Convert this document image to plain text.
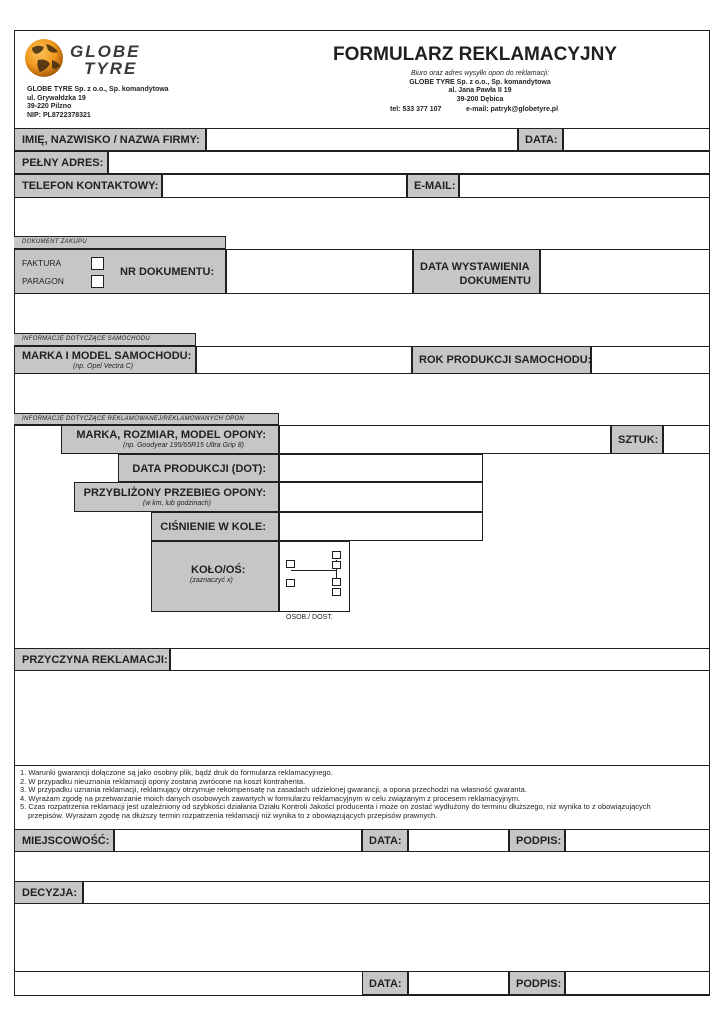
GLOBE
TYRE
GLOBE TYRE Sp. z o.o., Sp. komandytowa
ul. Grywałdzka 19
39-220 Pilzno
NIP: PL8722378321
FORMULARZ REKLAMACYJNY
Biuro oraz adres wysyłki opon do reklamacji:
GLOBE TYRE Sp. z o.o., Sp. komandytowa
al. Jana Pawła II 19
39-200 Dębica
tel: 533 377 107	e-mail: patryk@globetyre.pl
IMIĘ, NAZWISKO / NAZWA FIRMY:	DATA:
PEŁNY ADRES:
TELEFON KONTAKTOWY:	E-MAIL:
DOKUMENT ZAKUPU
FAKTURA
PARAGON
NR DOKUMENTU:	DATA WYSTAWIENIA
DOKUMENTU
INFORMACJE DOTYCZĄCE SAMOCHODU
MARKA I MODEL SAMOCHODU:
(np. Opel Vectra C)
ROK PRODUKCJI SAMOCHODU:
INFORMACJE DOTYCZĄCE REKLAMOWANEJ/REKLAMOWANYCH OPON
MARKA, ROZMIAR, MODEL OPONY:
(np. Goodyear 195/65R15 Ultra Grip 8)	SZTUK:
DATA PRODUKCJI (DOT):
PRZYBLIŻONY PRZEBIEG OPONY:
(w km, lub godzinach)
CIŚNIENIE W KOLE:
KOŁO/OŚ:
(zaznaczyć x)
OSOB./ DOST.
PRZYCZYNA REKLAMACJI:
1. Warunki gwarancji dołączone są jako osobny plik, bądź druk do formularza reklamacyjnego.
2. W przypadku nieuznania reklamacji opony zostaną zwrócone na koszt kontrahenta.
3. W przypadku uznania reklamacji, reklamujący otrzymuje rekompensatę na zasadach udzielonej gwarancji, a opona przechodzi na własność gwaranta.
4. Wyrażam zgodę na przetwarzanie moich danych osobowych zawartych w formularzu reklamacyjnym w celu związanym z procesem reklamacyjnym.
5. Czas rozpatrzenia reklamacji jest uzależniony od szybkości działania Działu Kontroli Jakości producenta i może on zostać wydłużony do terminu dłuższego, niż wynika to z obowiązujących
przepisów. Wyrażam zgodę na dłuższy termin rozpatrzenia reklamacji niż wynika to z obowiązujących przepisów prawnych.
MIEJSCOWOŚĆ:	DATA:	PODPIS:
DECYZJA:
DATA:	PODPIS:
